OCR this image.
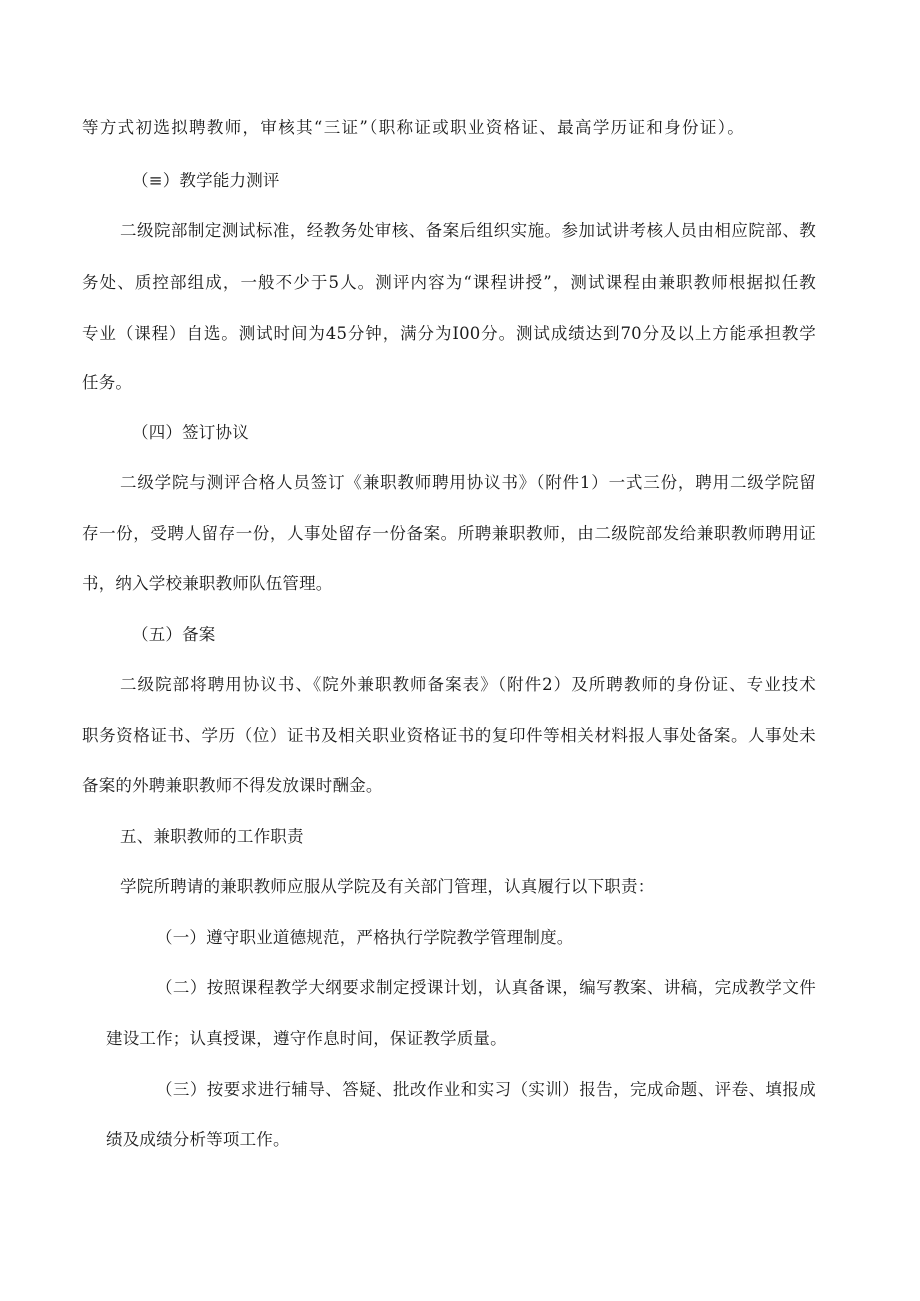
等方式初选拟聘教师，审核其“三证”（职称证或职业资格证、最高学历证和身份证）。
（≡）教学能力测评
二级院部制定测试标准，经教务处审核、备案后组织实施。参加试讲考核人员由相应院部、教
务处、质控部组成，一般不少于5人。测评内容为“课程讲授”，测试课程由兼职教师根据拟任教
专业（课程）自选。测试时间为45分钟，满分为I00分。测试成绩达到70分及以上方能承担教学
任务。
（四）签订协议
二级学院与测评合格人员签订《兼职教师聘用协议书》（附件1）一式三份，聘用二级学院留
存一份，受聘人留存一份，人事处留存一份备案。所聘兼职教师，由二级院部发给兼职教师聘用证
书，纳入学校兼职教师队伍管理。
（五）备案
二级院部将聘用协议书、《院外兼职教师备案表》（附件2）及所聘教师的身份证、专业技术
职务资格证书、学历（位）证书及相关职业资格证书的复印件等相关材料报人事处备案。人事处未
备案的外聘兼职教师不得发放课时酬金。
五、兼职教师的工作职责
学院所聘请的兼职教师应服从学院及有关部门管理，认真履行以下职责：
（一）遵守职业道德规范，严格执行学院教学管理制度。
（二）按照课程教学大纲要求制定授课计划，认真备课，编写教案、讲稿，完成教学文件
建设工作；认真授课，遵守作息时间，保证教学质量。
（三）按要求进行辅导、答疑、批改作业和实习（实训）报告，完成命题、评卷、填报成
绩及成绩分析等项工作。
